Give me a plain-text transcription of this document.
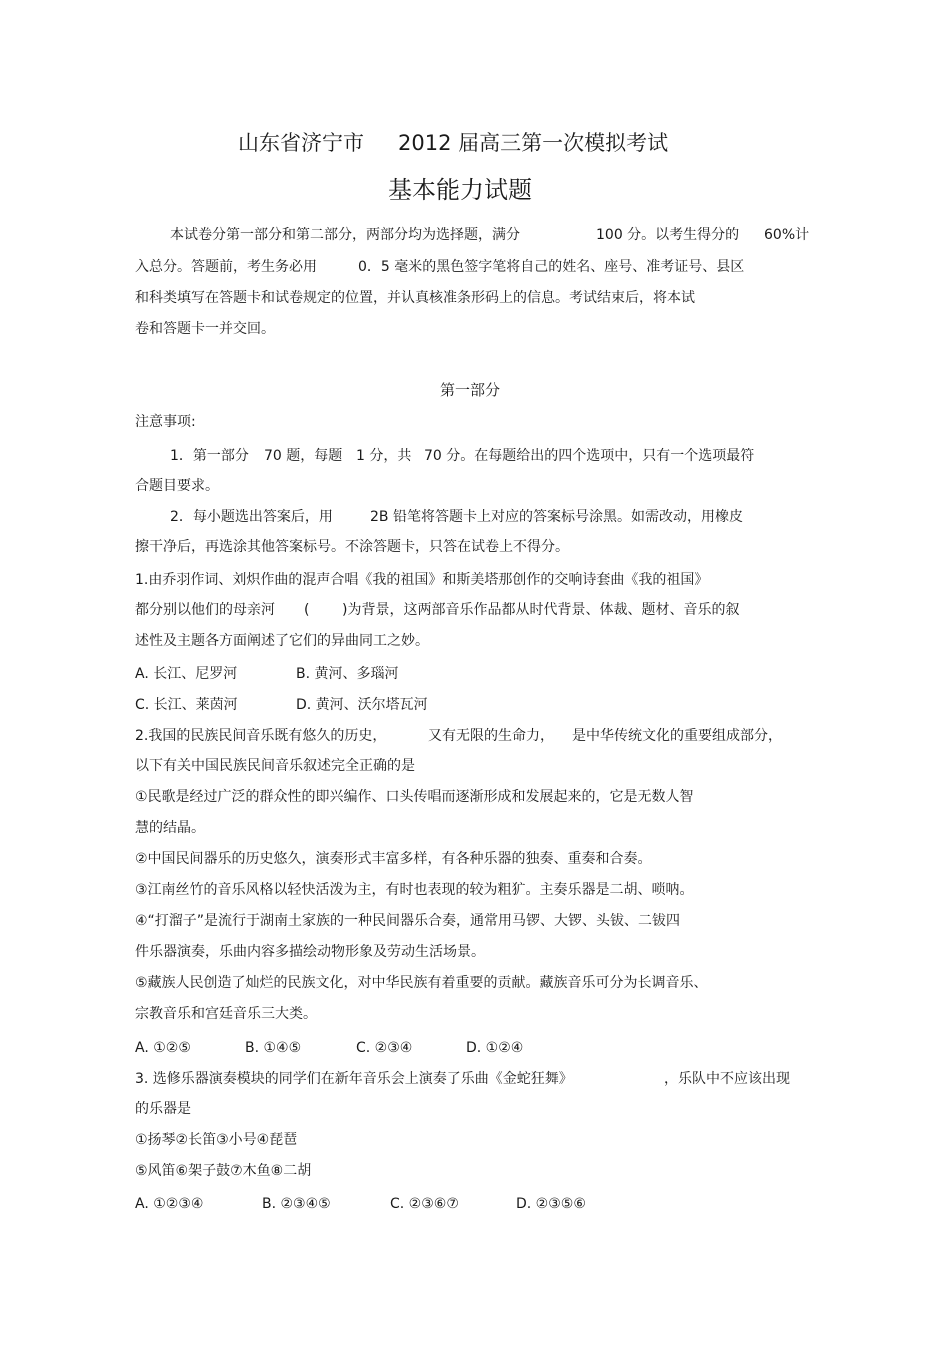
山东省济宁市 2012 届高三第一次模拟考试
基本能力试题
本试卷分第一部分和第二部分，两部分均为选择题，满分	100 分。以考生得分的 60%计
入总分。答题前，考生务必用	0．5 毫米的黑色签字笔将自己的姓名、座号、准考证号、县区
和科类填写在答题卡和试卷规定的位置，并认真核准条形码上的信息。考试结束后，将本试
卷和答题卡一并交回。
第一部分
注意事项:
1．第一部分 70 题，每题 1 分，共 70 分。在每题给出的四个选项中，只有一个选项最符
合题目要求。
2．每小题选出答案后，用	2B 铅笔将答题卡上对应的答案标号涂黑。如需改动，用橡皮
擦干净后，再选涂其他答案标号。不涂答题卡，只答在试卷上不得分。
1.由乔羽作词、刘炽作曲的混声合唱《我的祖国》和斯美塔那创作的交响诗套曲《我的祖国》
都分别以他们的母亲河 ( )为背景，这两部音乐作品都从时代背景、体裁、题材、音乐的叙
述性及主题各方面阐述了它们的异曲同工之妙。
A. 长江、尼罗河	B. 黄河、多瑙河
C. 长江、莱茵河	D. 黄河、沃尔塔瓦河
2.我国的民族民间音乐既有悠久的历史，	又有无限的生命力， 是中华传统文化的重要组成部分，
以下有关中国民族民间音乐叙述完全正确的是
①民歌是经过广泛的群众性的即兴编作、口头传唱而逐渐形成和发展起来的，它是无数人智
慧的结晶。
②中国民间器乐的历史悠久，演奏形式丰富多样，有各种乐器的独奏、重奏和合奏。
③江南丝竹的音乐风格以轻快活泼为主，有时也表现的较为粗犷。主奏乐器是二胡、唢呐。
④“打溜子”是流行于湖南土家族的一种民间器乐合奏，通常用马锣、大锣、头钹、二钹四
件乐器演奏，乐曲内容多描绘动物形象及劳动生活场景。
⑤藏族人民创造了灿烂的民族文化，对中华民族有着重要的贡献。藏族音乐可分为长调音乐、
宗教音乐和宫廷音乐三大类。
A. ①②⑤	B. ①④⑤	C. ②③④	D. ①②④
3. 选修乐器演奏模块的同学们在新年音乐会上演奏了乐曲《金蛇狂舞》	，乐队中不应该出现
的乐器是
①扬琴②长笛③小号④琵琶
⑤风笛⑥架子鼓⑦木鱼⑧二胡
A. ①②③④	B. ②③④⑤	C. ②③⑥⑦	D. ②③⑤⑥
